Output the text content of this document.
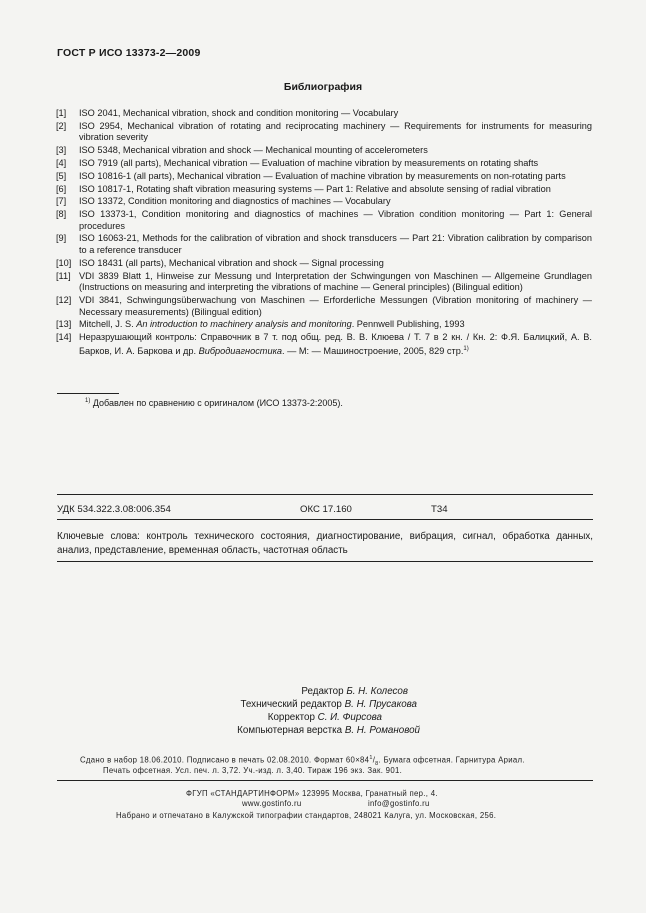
ГОСТ Р ИСО 13373-2—2009
Библиография
[1]	ISO 2041, Mechanical vibration, shock and condition monitoring — Vocabulary
[2]	ISO 2954, Mechanical vibration of rotating and reciprocating machinery — Requirements for instruments for measuring vibration severity
[3]	ISO 5348, Mechanical vibration and shock — Mechanical mounting of accelerometers
[4]	ISO 7919 (all parts), Mechanical vibration — Evaluation of machine vibration by measurements on rotating shafts
[5]	ISO 10816-1 (all parts), Mechanical vibration — Evaluation of machine vibration by measurements on non-rotating parts
[6]	ISO 10817-1, Rotating shaft vibration measuring systems — Part 1: Relative and absolute sensing of radial vibration
[7]	ISO 13372, Condition monitoring and diagnostics of machines — Vocabulary
[8]	ISO 13373-1, Condition monitoring and diagnostics of machines — Vibration condition monitoring — Part 1: General procedures
[9]	ISO 16063-21, Methods for the calibration of vibration and shock transducers — Part 21: Vibration calibration by comparison to a reference transducer
[10] ISO 18431 (all parts), Mechanical vibration and shock — Signal processing
[11] VDI 3839 Blatt 1, Hinweise zur Messung und Interpretation der Schwingungen von Maschinen — Allgemeine Grundlagen (Instructions on measuring and interpreting the vibrations of machine — General principles) (Bilingual edition)
[12] VDI 3841, Schwingungsüberwachung von Maschinen — Erforderliche Messungen (Vibration monitoring of machinery — Necessary measurements) (Bilingual edition)
[13] Mitchell, J. S. An introduction to machinery analysis and monitoring. Pennwell Publishing, 1993
[14] Неразрушающий контроль: Справочник в 7 т. под общ. ред. В. В. Клюева / Т. 7 в 2 кн. / Кн. 2: Ф.Я. Балицкий, А. В. Барков, И. А. Баркова и др. Вибродиагностика. — М: — Машиностроение, 2005, 829 стр.$^{1)}$
$^{1)}$ Добавлен по сравнению с оригиналом (ИСО 13373-2:2005).
УДК 534.322.3.08:006.354	ОКС 17.160	Т34
Ключевые слова: контроль технического состояния, диагностирование, вибрация, сигнал, обработка данных, анализ, представление, временная область, частотная область
Редактор Б. Н. Колесов
Технический редактор В. Н. Прусакова
Корректор С. И. Фирсова
Компьютерная верстка В. Н. Романовой
Сдано в набор 18.06.2010. Подписано в печать 02.08.2010. Формат $60\times 84^1/_8$. Бумага офсетная. Гарнитура Ариал.
Печать офсетная. Усл. печ. л. 3,72. Уч.-изд. л. 3,40. Тираж 196 экз. Зак. 901.
ФГУП «СТАНДАРТИНФОРМ» 123995 Москва, Гранатный пер., 4.
www.gostinfo.ru	info@gostinfo.ru
Набрано и отпечатано в Калужской типографии стандартов, 248021 Калуга, ул. Московская, 256.
